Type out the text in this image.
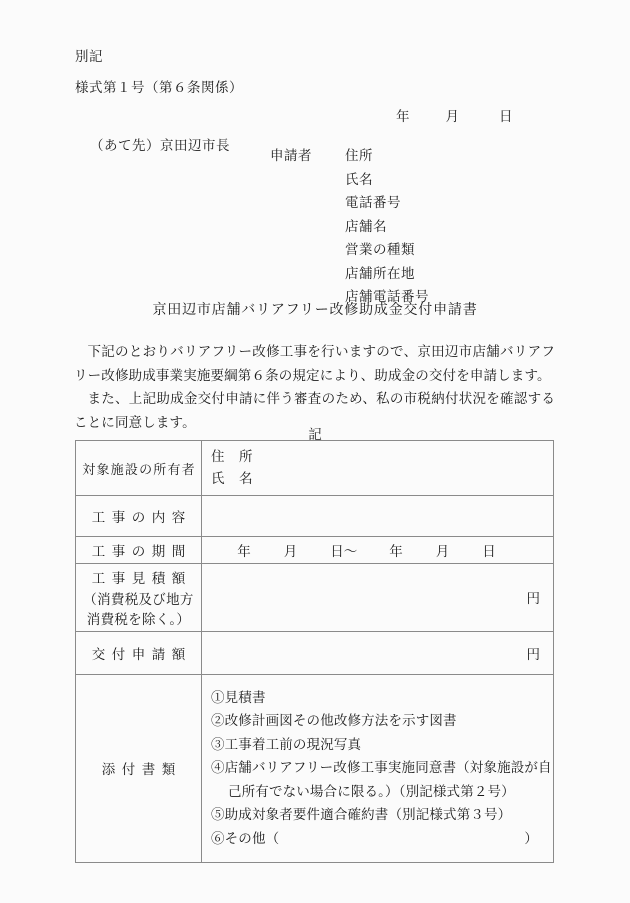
別記
様式第１号（第６条関係）
年	月	日
（あて先）京田辺市長
申請者 住所
氏名
電話番号
店舗名
営業の種類
店舗所在地
店舗電話番号
京田辺市店舗バリアフリー改修助成金交付申請書

下記のとおりバリアフリー改修工事を行いますので、京田辺市店舗バリアフリー改修助成事業実施要綱第６条の規定により、助成金の交付を申請します。

また、上記助成金交付申請に伴う審査のため、私の市税納付状況を確認することに同意します。

記
対象施設の所有者	住　所
氏　名

工事の内容	

工事の期間	年 月 日～ 年 月 日

工事見積額
（消費税及び地方
消費税を除く。）	円

交付申請額	円

添付書類

①見積書
②改修計画図その他改修方法を示す図書
③工事着工前の現況写真
④店舗バリアフリー改修工事実施同意書（対象施設が自
己所有でない場合に限る。）（別記様式第２号）
⑤助成対象者要件適合確約書（別記様式第３号）
⑥その他（	）
